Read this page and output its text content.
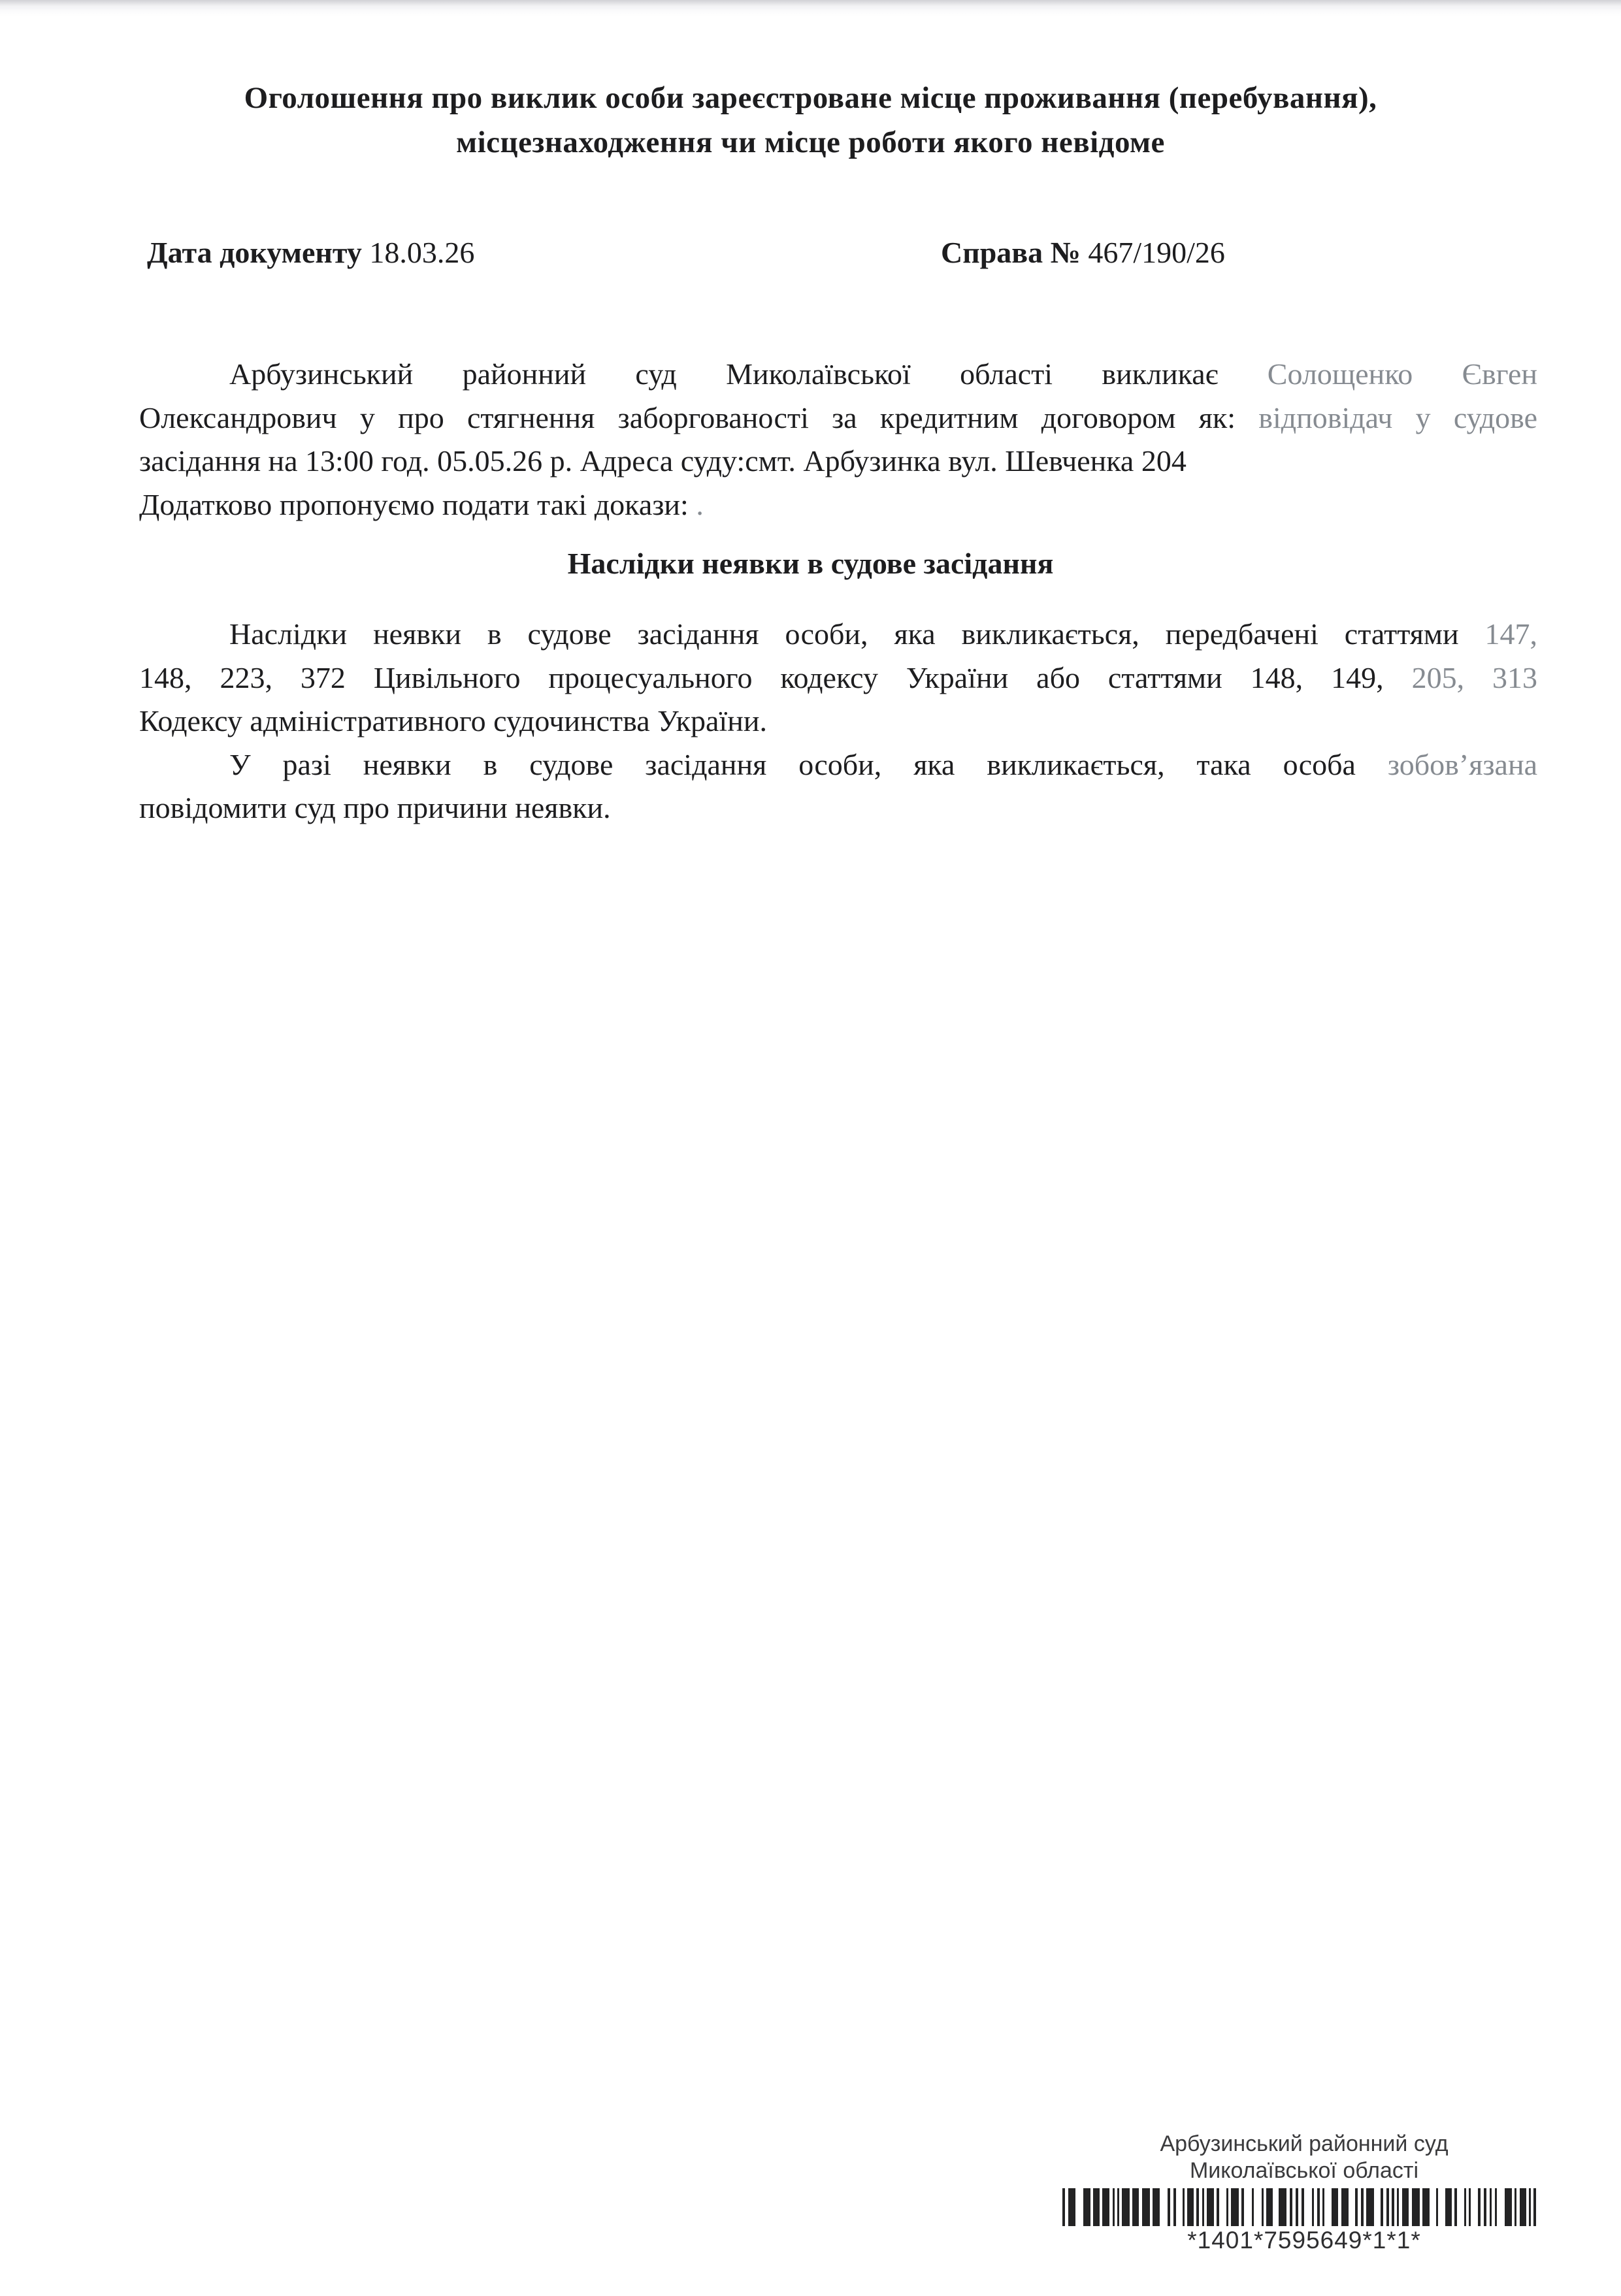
Оголошення про виклик особи зареєстроване місце проживання (перебування),
місцезнаходження чи місце роботи якого невідоме
Дата документу 18.03.26	Справа № 467/190/26
Арбузинський районний суд Миколаївської області викликає Солощенко Євген
Олександрович у про стягнення заборгованості за кредитним договором як: відповідач у судове
засідання на 13:00 год. 05.05.26 р. Адреса суду:смт. Арбузинка вул. Шевченка 204
Додатково пропонуємо подати такі докази: .
Наслідки неявки в судове засідання
Наслідки неявки в судове засідання особи, яка викликається, передбачені статтями 147,
148, 223, 372 Цивільного процесуального кодексу України або статтями 148, 149, 205, 313
Кодексу адміністративного судочинства України.
У разі неявки в судове засідання особи, яка викликається, така особа зобов’язана
повідомити суд про причини неявки.
Арбузинський районний суд
Миколаївської області
*1401*7595649*1*1*
